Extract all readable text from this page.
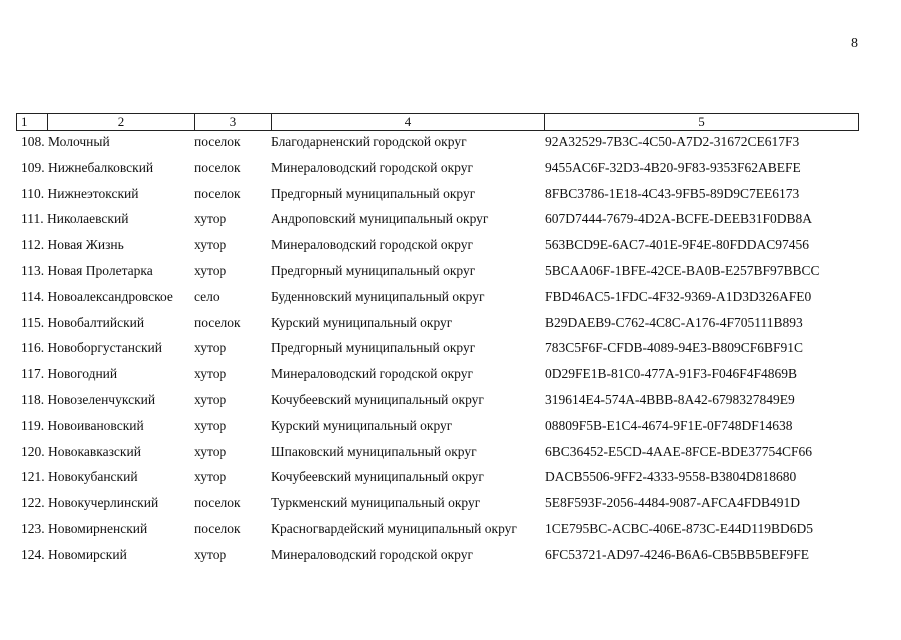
8
1	2	3	4	5
108. Молочный	поселок Благодарненский городской округ	92A32529-7B3C-4C50-A7D2-31672CE617F3
109. Нижнебалковский	поселок Минераловодский городской округ	9455AC6F-32D3-4B20-9F83-9353F62ABEFE
110. Нижнеэтокский	поселок Предгорный муниципальный округ	8FBC3786-1E18-4C43-9FB5-89D9C7EE6173
111. Николаевский	хутор	Андроповский муниципальный округ	607D7444-7679-4D2A-BCFE-DEEB31F0DB8A
112. Новая Жизнь	хутор	Минераловодский городской округ	563BCD9E-6AC7-401E-9F4E-80FDDAC97456
113. Новая Пролетарка	хутор	Предгорный муниципальный округ	5BCAA06F-1BFE-42CE-BA0B-E257BF97BBCC
114. Новоалександровское село	Буденновский муниципальный округ	FBD46AC5-1FDC-4F32-9369-A1D3D326AFE0
115. Новобалтийский	поселок Курский муниципальный округ	B29DAEB9-C762-4C8C-A176-4F705111B893
116. Новоборгустанский хутор	Предгорный муниципальный округ	783C5F6F-CFDB-4089-94E3-B809CF6BF91C
117. Новогодний	хутор	Минераловодский городской округ	0D29FE1B-81C0-477A-91F3-F046F4F4869B
118. Новозеленчукский	хутор	Кочубеевский муниципальный округ	319614E4-574A-4BBB-8A42-6798327849E9
119. Новоивановский	хутор	Курский муниципальный округ	08809F5B-E1C4-4674-9F1E-0F748DF14638
120. Новокавказский	хутор	Шпаковский муниципальный округ	6BC36452-E5CD-4AAE-8FCE-BDE37754CF66
121. Новокубанский	хутор	Кочубеевский муниципальный округ	DACB5506-9FF2-4333-9558-B3804D818680
122. Новокучерлинский	поселок Туркменский муниципальный округ	5E8F593F-2056-4484-9087-AFCA4FDB491D
123. Новомирненский	поселок Красногвардейский муниципальный округ 1CE795BC-ACBC-406E-873C-E44D119BD6D5
124. Новомирский	хутор	Минераловодский городской округ	6FC53721-AD97-4246-B6A6-CB5BB5BEF9FE
